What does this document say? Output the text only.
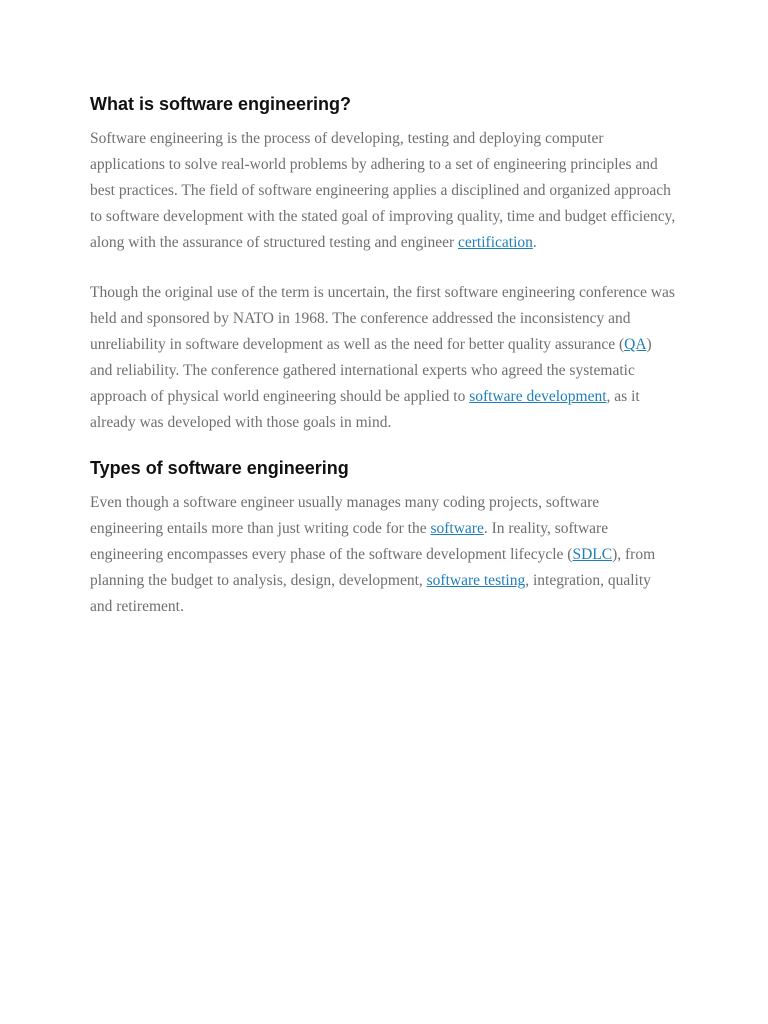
What is software engineering?

Software engineering is the process of developing, testing and deploying computer applications to solve real-world problems by adhering to a set of engineering principles and best practices. The field of software engineering applies a disciplined and organized approach to software development with the stated goal of improving quality, time and budget efficiency, along with the assurance of structured testing and engineer certification.

Though the original use of the term is uncertain, the first software engineering conference was held and sponsored by NATO in 1968. The conference addressed the inconsistency and unreliability in software development as well as the need for better quality assurance (QA) and reliability. The conference gathered international experts who agreed the systematic approach of physical world engineering should be applied to software development, as it already was developed with those goals in mind.

Types of software engineering

Even though a software engineer usually manages many coding projects, software engineering entails more than just writing code for the software. In reality, software engineering encompasses every phase of the software development lifecycle (SDLC), from planning the budget to analysis, design, development, software testing, integration, quality and retirement.
